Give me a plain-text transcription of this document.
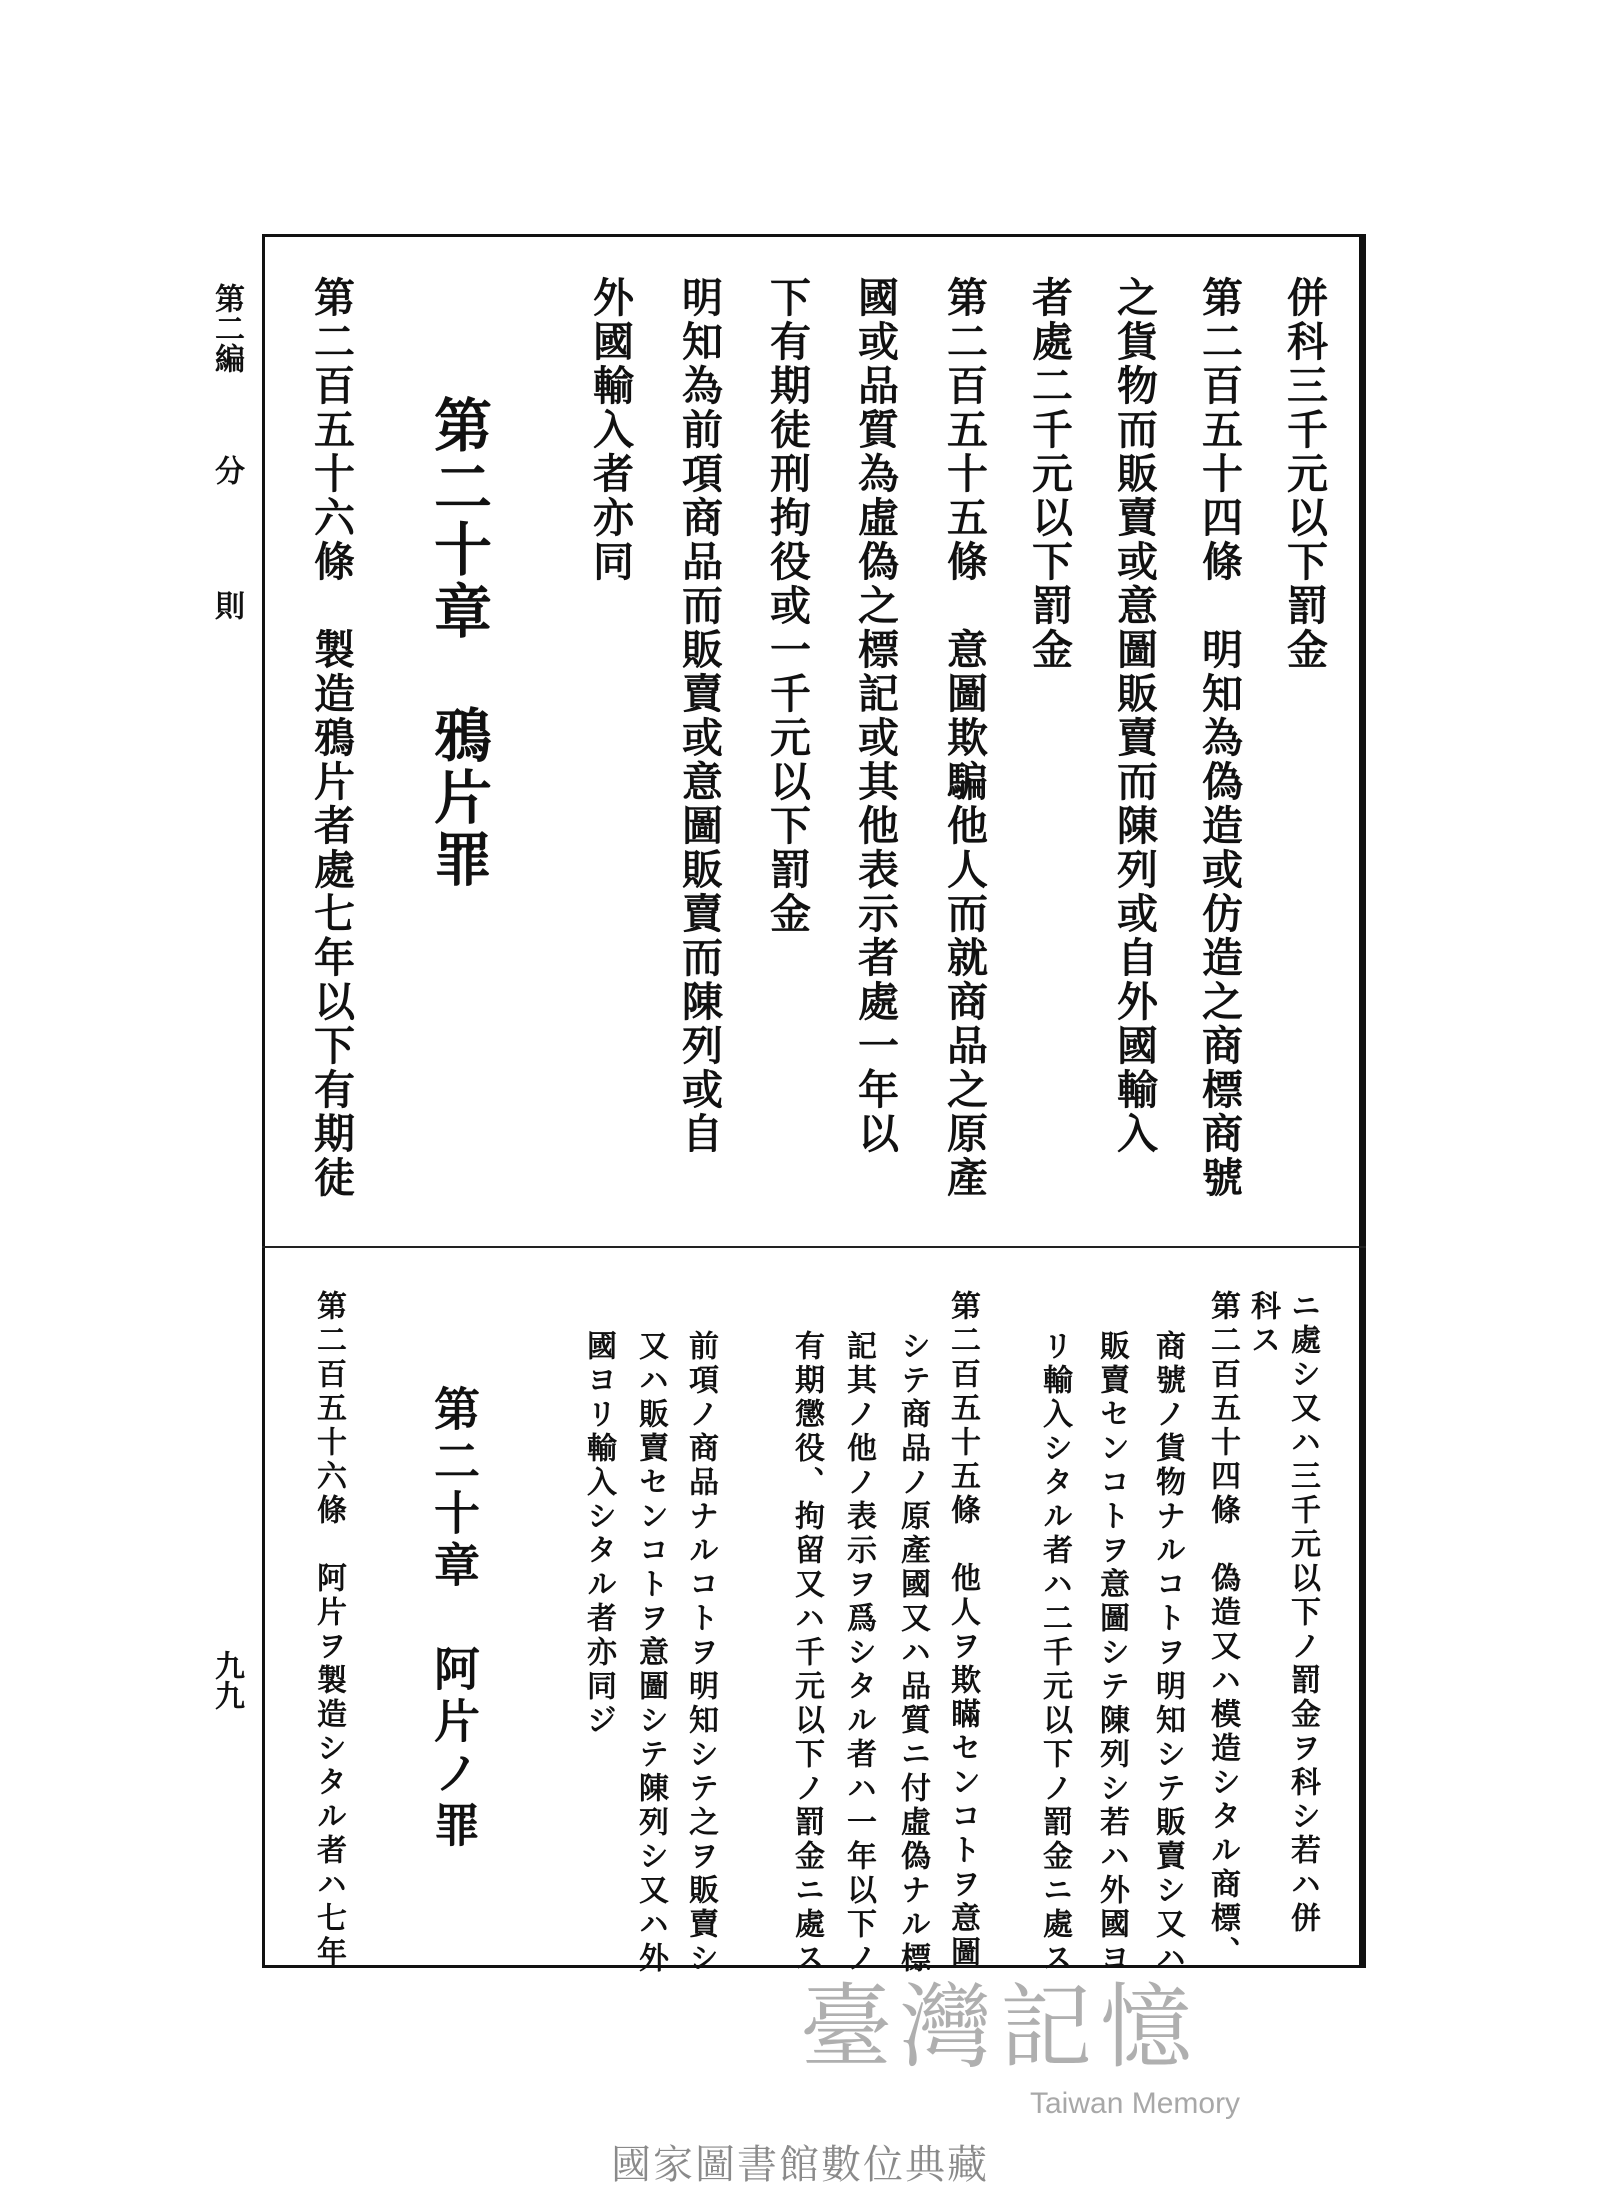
第二編
分
則
九九
併科三千元以下罰金
第二百五十四條　明知為偽造或仿造之商標商號
之貨物而販賣或意圖販賣而陳列或自外國輸入
者處二千元以下罰金
第二百五十五條　意圖欺騙他人而就商品之原產
國或品質為虛偽之標記或其他表示者處一年以
下有期徒刑拘役或一千元以下罰金
明知為前項商品而販賣或意圖販賣而陳列或自
外國輸入者亦同
第二十章　鴉片罪
第二百五十六條　製造鴉片者處七年以下有期徒
ニ處シ又ハ三千元以下ノ罰金ヲ科シ若ハ併
科ス
第二百五十四條　偽造又ハ模造シタル商標、
商號ノ貨物ナルコトヲ明知シテ販賣シ又ハ
販賣センコトヲ意圖シテ陳列シ若ハ外國ヨ
リ輸入シタル者ハ二千元以下ノ罰金ニ處ス
第二百五十五條　他人ヲ欺瞞センコトヲ意圖
シテ商品ノ原產國又ハ品質ニ付虛偽ナル標
記其ノ他ノ表示ヲ爲シタル者ハ一年以下ノ
有期懲役、拘留又ハ千元以下ノ罰金ニ處ス
前項ノ商品ナルコトヲ明知シテ之ヲ販賣シ
又ハ販賣センコトヲ意圖シテ陳列シ又ハ外
國ヨリ輸入シタル者亦同ジ
第二十章　阿片ノ罪
第二百五十六條　阿片ヲ製造シタル者ハ七年
臺灣記憶
Taiwan Memory
國家圖書館數位典藏
